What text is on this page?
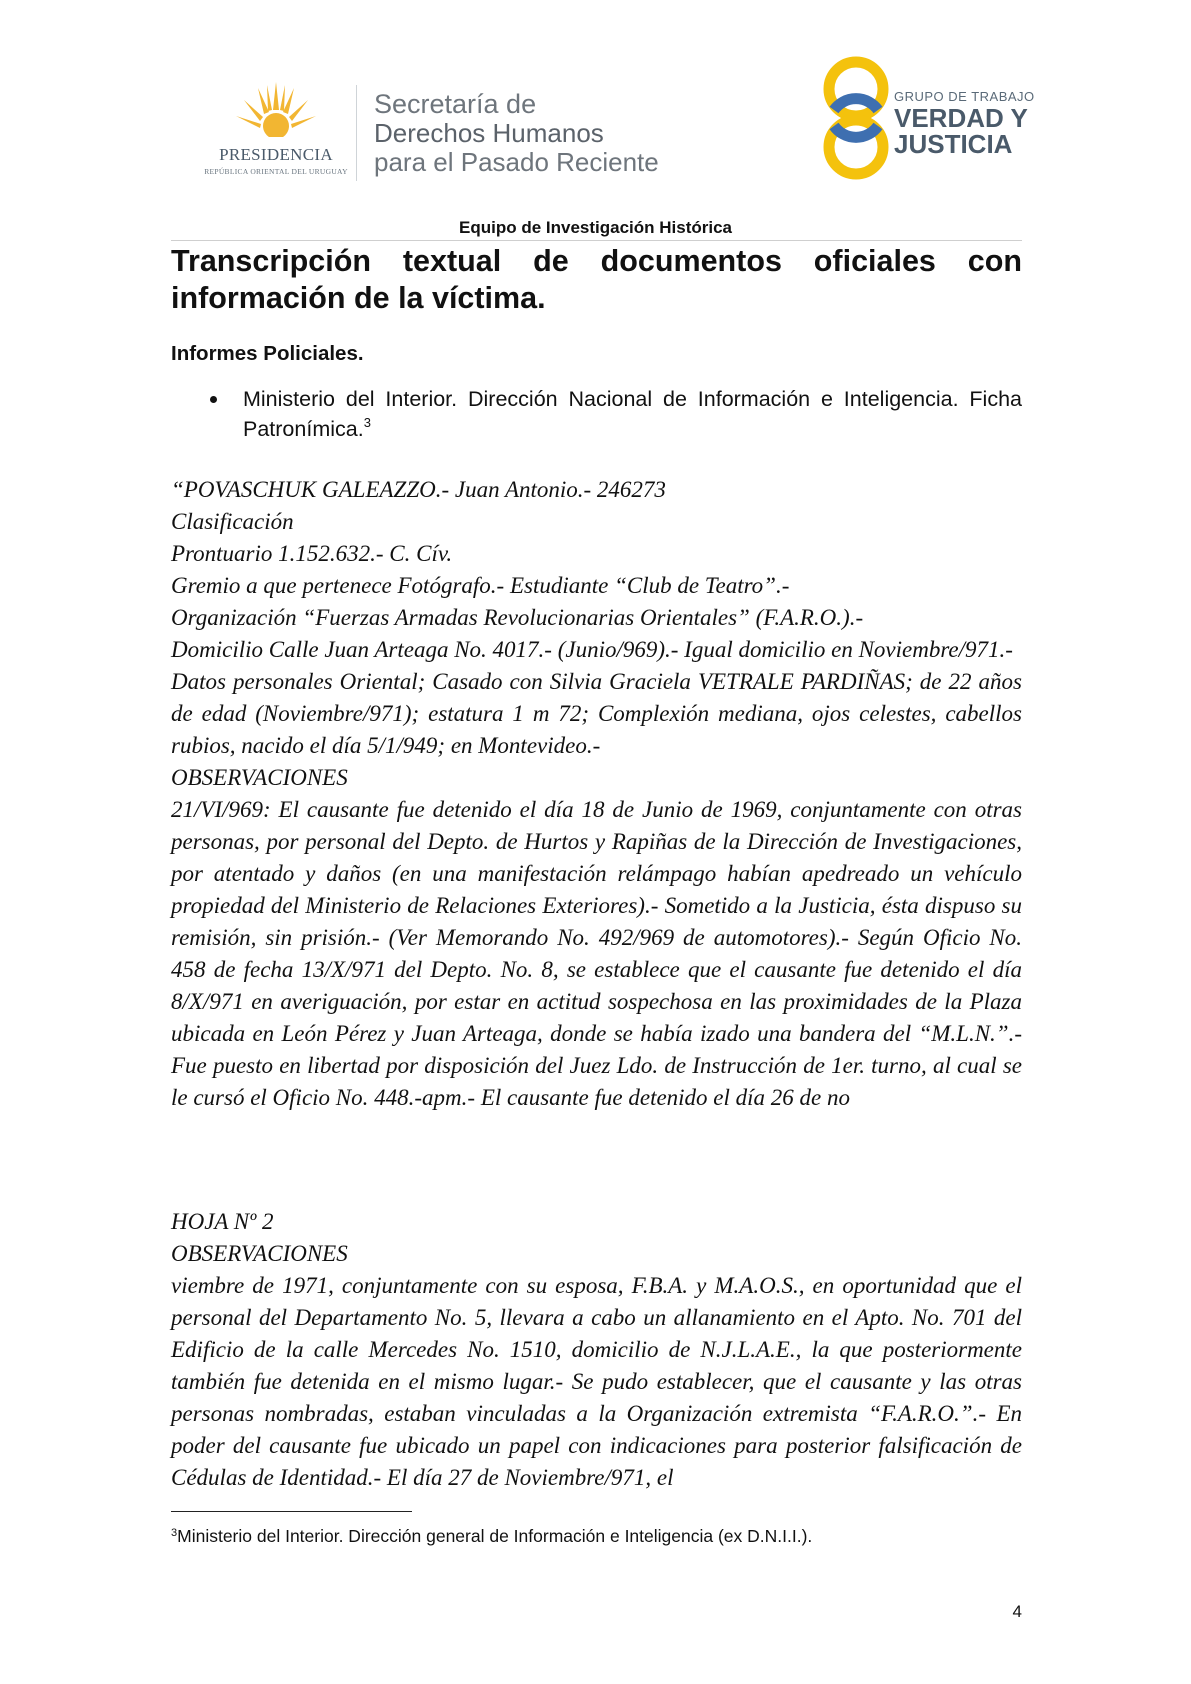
PRESIDENCIA
REPÚBLICA ORIENTAL DEL URUGUAY
Secretaría de
Derechos Humanos
para el Pasado Reciente
GRUPO DE TRABAJO
VERDAD Y
JUSTICIA
Equipo de Investigación Histórica
Transcripción textual de documentos oficiales con información de la víctima.
Informes Policiales.
Ministerio del Interior. Dirección Nacional de Información e Inteligencia. Ficha Patronímica.$^3$

“POVASCHUK GALEAZZO.- Juan Antonio.- 246273

Clasificación

Prontuario 1.152.632.- C. Cív.

Gremio a que pertenece Fotógrafo.- Estudiante “Club de Teatro”.-

Organización “Fuerzas Armadas Revolucionarias Orientales” (F.A.R.O.).-

Domicilio Calle Juan Arteaga No. 4017.- (Junio/969).- Igual domicilio en Noviembre/971.-

Datos personales Oriental; Casado con Silvia Graciela VETRALE PARDIÑAS; de 22 años de edad (Noviembre/971); estatura 1 m 72; Complexión mediana, ojos celestes, cabellos rubios, nacido el día 5/1/949; en Montevideo.-

OBSERVACIONES

21/VI/969: El causante fue detenido el día 18 de Junio de 1969, conjuntamente con otras personas, por personal del Depto. de Hurtos y Rapiñas de la Dirección de Investigaciones, por atentado y daños (en una manifestación relámpago habían apedreado un vehículo propiedad del Ministerio de Relaciones Exteriores).- Sometido a la Justicia, ésta dispuso su remisión, sin prisión.- (Ver Memorando No. 492/969 de automotores).- Según Oficio No. 458 de fecha 13/X/971 del Depto. No. 8, se establece que el causante fue detenido el día 8/X/971 en averiguación, por estar en actitud sospechosa en las proximidades de la Plaza ubicada en León Pérez y Juan Arteaga, donde se había izado una bandera del “M.L.N.”.- Fue puesto en libertad por disposición del Juez Ldo. de Instrucción de 1er. turno, al cual se le cursó el Oficio No. 448.-apm.- El causante fue detenido el día 26 de no

HOJA Nº 2

OBSERVACIONES

viembre de 1971, conjuntamente con su esposa, F.B.A. y M.A.O.S., en oportunidad que el personal del Departamento No. 5, llevara a cabo un allanamiento en el Apto. No. 701 del Edificio de la calle Mercedes No. 1510, domicilio de N.J.L.A.E., la que posteriormente también fue detenida en el mismo lugar.- Se pudo establecer, que el causante y las otras personas nombradas, estaban vinculadas a la Organización extremista “F.A.R.O.”.- En poder del causante fue ubicado un papel con indicaciones para posterior falsificación de Cédulas de Identidad.- El día 27 de Noviembre/971, el

$^3$Ministerio del Interior. Dirección general de Información e Inteligencia (ex D.N.I.I.).
4
